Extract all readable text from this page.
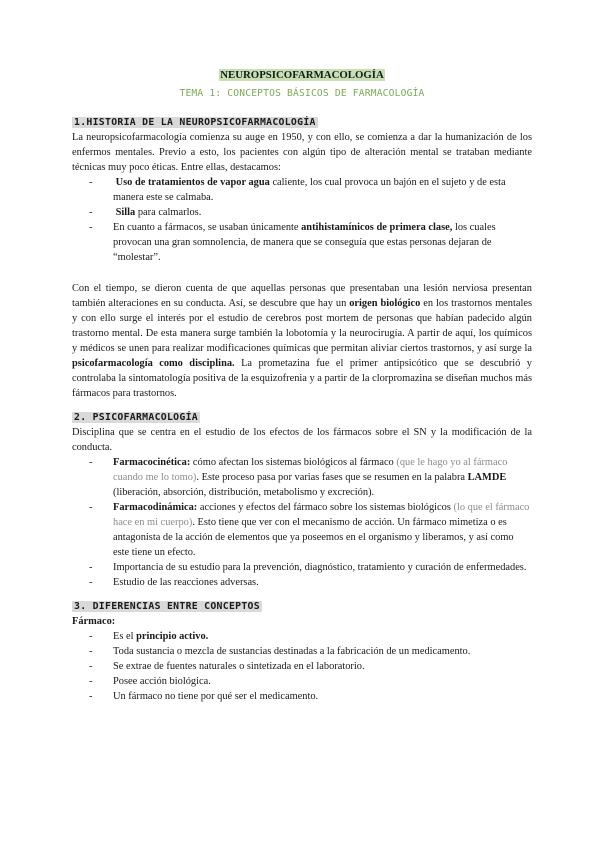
NEUROPSICOFARMACOLOGÍA
TEMA 1: CONCEPTOS BÁSICOS DE FARMACOLOGÍA
1.HISTORIA DE LA NEUROPSICOFARMACOLOGÍA

La neuropsicofarmacología comienza su auge en 1950, y con ello, se comienza a dar la humanización de los enfermos mentales. Previo a esto, los pacientes con algún tipo de alteración mental se trataban mediante técnicas muy poco éticas. Entre ellas, destacamos:

- Uso de tratamientos de vapor agua caliente, los cual provoca un bajón en el sujeto y de esta manera este se calmaba.
- Silla para calmarlos.
- En cuanto a fármacos, se usaban únicamente antihistamínicos de primera clase, los cuales provocan una gran somnolencia, de manera que se conseguía que estas personas dejaran de “molestar”.

Con el tiempo, se dieron cuenta de que aquellas personas que presentaban una lesión nerviosa presentan también alteraciones en su conducta. Así, se descubre que hay un origen biológico en los trastornos mentales y con ello surge el interés por el estudio de cerebros post mortem de personas que habían padecido algún trastorno mental. De esta manera surge también la lobotomía y la neurocirugía. A partir de aquí, los químicos y médicos se unen para realizar modificaciones químicas que permitan aliviar ciertos trastornos, y así surge la psicofarmacología como disciplina. La prometazina fue el primer antipsicótico que se descubrió y controlaba la sintomatología positiva de la esquizofrenia y a partir de la clorpromazina se diseñan muchos más fármacos para trastornos.

2. PSICOFARMACOLOGÍA

Disciplina que se centra en el estudio de los efectos de los fármacos sobre el SN y la modificación de la conducta.

- Farmacocinética: cómo afectan los sistemas biológicos al fármaco (que le hago yo al fármaco cuando me lo tomo). Este proceso pasa por varias fases que se resumen en la palabra LAMDE (liberación, absorción, distribución, metabolismo y excreción).
- Farmacodinámica: acciones y efectos del fármaco sobre los sistemas biológicos (lo que el fármaco hace en mi cuerpo). Esto tiene que ver con el mecanismo de acción. Un fármaco mimetiza o es antagonista de la acción de elementos que ya poseemos en el organismo y liberamos, y así como este tiene un efecto.
- Importancia de su estudio para la prevención, diagnóstico, tratamiento y curación de enfermedades.
- Estudio de las reacciones adversas.
3. DIFERENCIAS ENTRE CONCEPTOS
Fármaco:
- Es el principio activo.
- Toda sustancia o mezcla de sustancias destinadas a la fabricación de un medicamento.
- Se extrae de fuentes naturales o sintetizada en el laboratorio.
- Posee acción biológica.
- Un fármaco no tiene por qué ser el medicamento.
